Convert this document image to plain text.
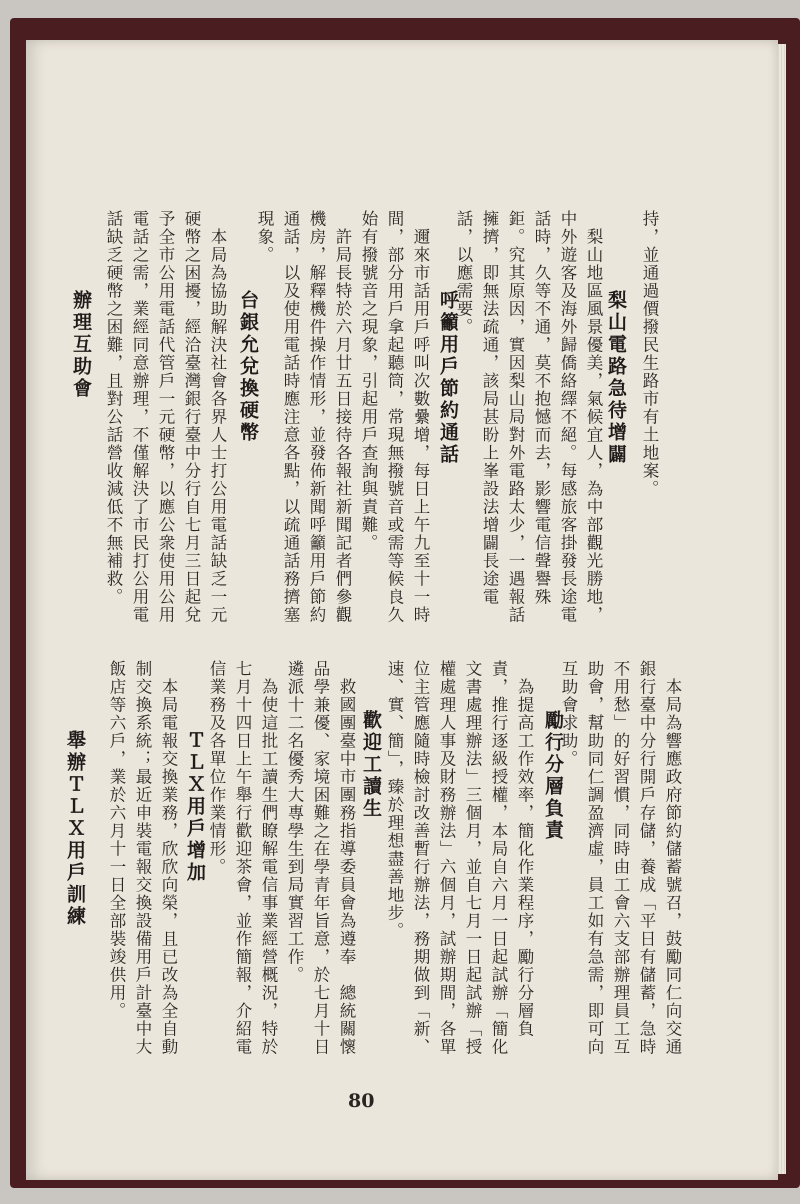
持，並通過價撥民生路市有土地案。
梨山電路急待增闢
　梨山地區風景優美，氣候宜人，為中部觀光勝地，中外遊客及海外歸僑絡繹不絕。每感旅客掛發長途電話時，久等不通，莫不抱憾而去，影響電信聲譽殊鉅。究其原因，實因梨山局對外電路太少，一遇報話擁擠，即無法疏通，該局甚盼上峯設法增闢長途電話，以應需要。
呼籲用戶節約通話
　邇來市話用戶呼叫次數纍增，每日上午九至十一時間，部分用戶拿起聽筒，常現無撥號音或需等候良久始有撥號音之現象，引起用戶查詢與責難。
　許局長特於六月廿五日接待各報社新聞記者們參觀機房，解釋機件操作情形，並發佈新聞呼籲用戶節約通話，以及使用電話時應注意各點，以疏通話務擠塞現象。
台銀允兌換硬幣
　本局為協助解決社會各界人士打公用電話缺乏一元硬幣之困擾，經洽臺灣銀行臺中分行自七月三日起兌予全市公用電話代管戶一元硬幣，以應公衆使用公用電話之需，業經同意辦理，不僅解決了市民打公用電話缺乏硬幣之困難，且對公話營收減低不無補救。
辦理互助會
　本局為響應政府節約儲蓄號召，鼓勵同仁向交通銀行臺中分行開戶存儲，養成「平日有儲蓄，急時不用愁」的好習慣，同時由工會六支部辦理員工互助會，幫助同仁調盈濟虛，員工如有急需，即可向互助會求助。
勵行分層負責
　為提高工作效率，簡化作業程序，勵行分層負責，推行逐級授權，本局自六月一日起試辦「簡化文書處理辦法」三個月，並自七月一日起試辦「授權處理人事及財務辦法」六個月，試辦期間，各單位主管應隨時檢討改善暫行辦法，務期做到「新、速、實、簡」，臻於理想盡善地步。
歡迎工讀生
　救國團臺中市團務指導委員會為遵奉　總統關懷品學兼優、家境困難之在學青年旨意，於七月十日遴派十二名優秀大專學生到局實習工作。
　為使這批工讀生們瞭解電信事業經營概況，特於七月十四日上午舉行歡迎茶會，並作簡報，介紹電信業務及各單位作業情形。
ＴＬＸ用戶增加
　本局電報交換業務，欣欣向榮，且已改為全自動制交換系統；最近申裝電報交換設備用戶計臺中大飯店等六戶，業於六月十一日全部裝竣供用。
舉辦ＴＬＸ用戶訓練
80
